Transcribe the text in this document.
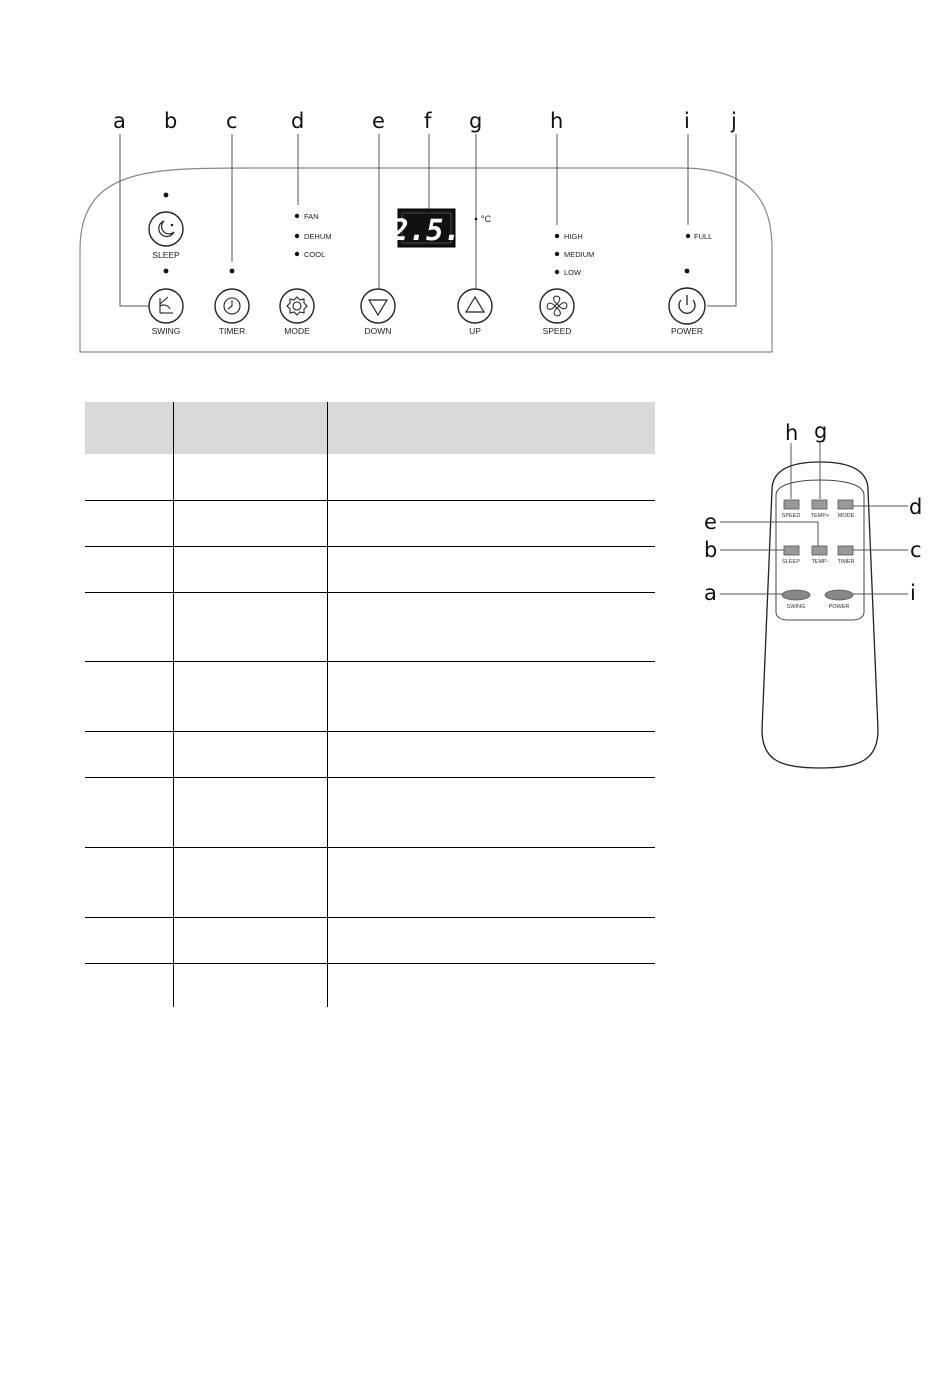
a b c	d	e f g	h	i j
SLEEP
SWING	TIMER
FAN
DEHUM
COOL
MODE	DOWN
2.5. °C
UP
HIGH
MEDIUM
LOW
SPEED
FULL
POWER

h g
d
e
b	c
a	i
SPEED TEMP+ MODE
SLEEP TEMP- TIMER
SWING	POWER
